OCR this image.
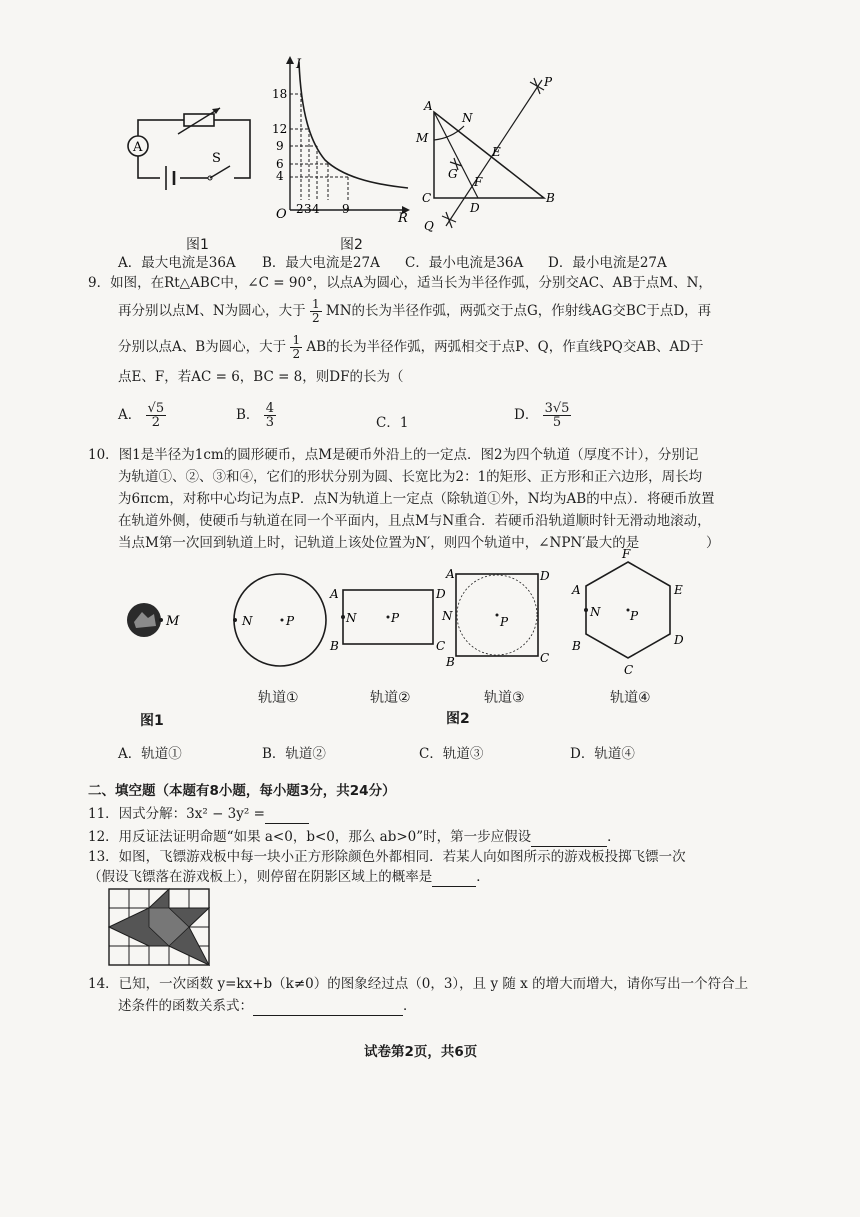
A
S
图1
I
R
O
18
12
9
6
4
2 3 4 9
图2
A
M
N
G
F
E
C
D
B
P
Q
A．最大电流是36A B．最大电流是27A C．最小电流是36A D．最小电流是27A
9．如图，在Rt△ABC中，∠C = 90°，以点A为圆心，适当长为半径作弧，分别交AC、AB于点M、N，
再分别以点M、N为圆心，大于 $\frac{1}{2}$ MN的长为半径作弧，两弧交于点G，作射线AG交BC于点D，再
分别以点A、B为圆心，大于 $\frac{1}{2}$ AB的长为半径作弧，两弧相交于点P、Q，作直线PQ交AB、AD于
点E、F，若AC = 6，BC = 8，则DF的长为（
A． $\frac{√5}{2}$	B． $\frac{4}{3}$	C．1	D． $\frac{3√5}{5}$
10．图1是半径为1cm的圆形硬币，点M是硬币外沿上的一定点．图2为四个轨道（厚度不计），分别记
为轨道①、②、③和④，它们的形状分别为圆、长宽比为2：1的矩形、正方形和正六边形，周长均
为6πcm，对称中心均记为点P．点N为轨道上一定点（除轨道①外，N均为AB的中点）．将硬币放置
在轨道外侧，使硬币与轨道在同一个平面内，且点M与N重合．若硬币沿轨道顺时针无滑动地滚动，
当点M第一次回到轨道上时，记轨道上该处位置为N′，则四个轨道中，∠NPN′最大的是	）
M	N	P
A
B
D
C
N	P
A
B
D
C
N	P
F
E
D
C
A
B
N P
轨道①	轨道②	轨道③	轨道④
图1	图2
A．轨道①	B．轨道②	C．轨道③	D．轨道④
二、填空题（本题有8小题，每小题3分，共24分）
11．因式分解：3x² − 3y² =
12．用反证法证明命题“如果 a<0，b<0，那么 ab>0”时，第一步应假设	．
13．如图，飞镖游戏板中每一块小正方形除颜色外都相同．若某人向如图所示的游戏板投掷飞镖一次
（假设飞镖落在游戏板上），则停留在阴影区域上的概率是	．
14．已知，一次函数 y=kx+b（k≠0）的图象经过点（0，3），且 y 随 x 的增大而增大，请你写出一个符合上
述条件的函数关系式：	．
试卷第2页，共6页
